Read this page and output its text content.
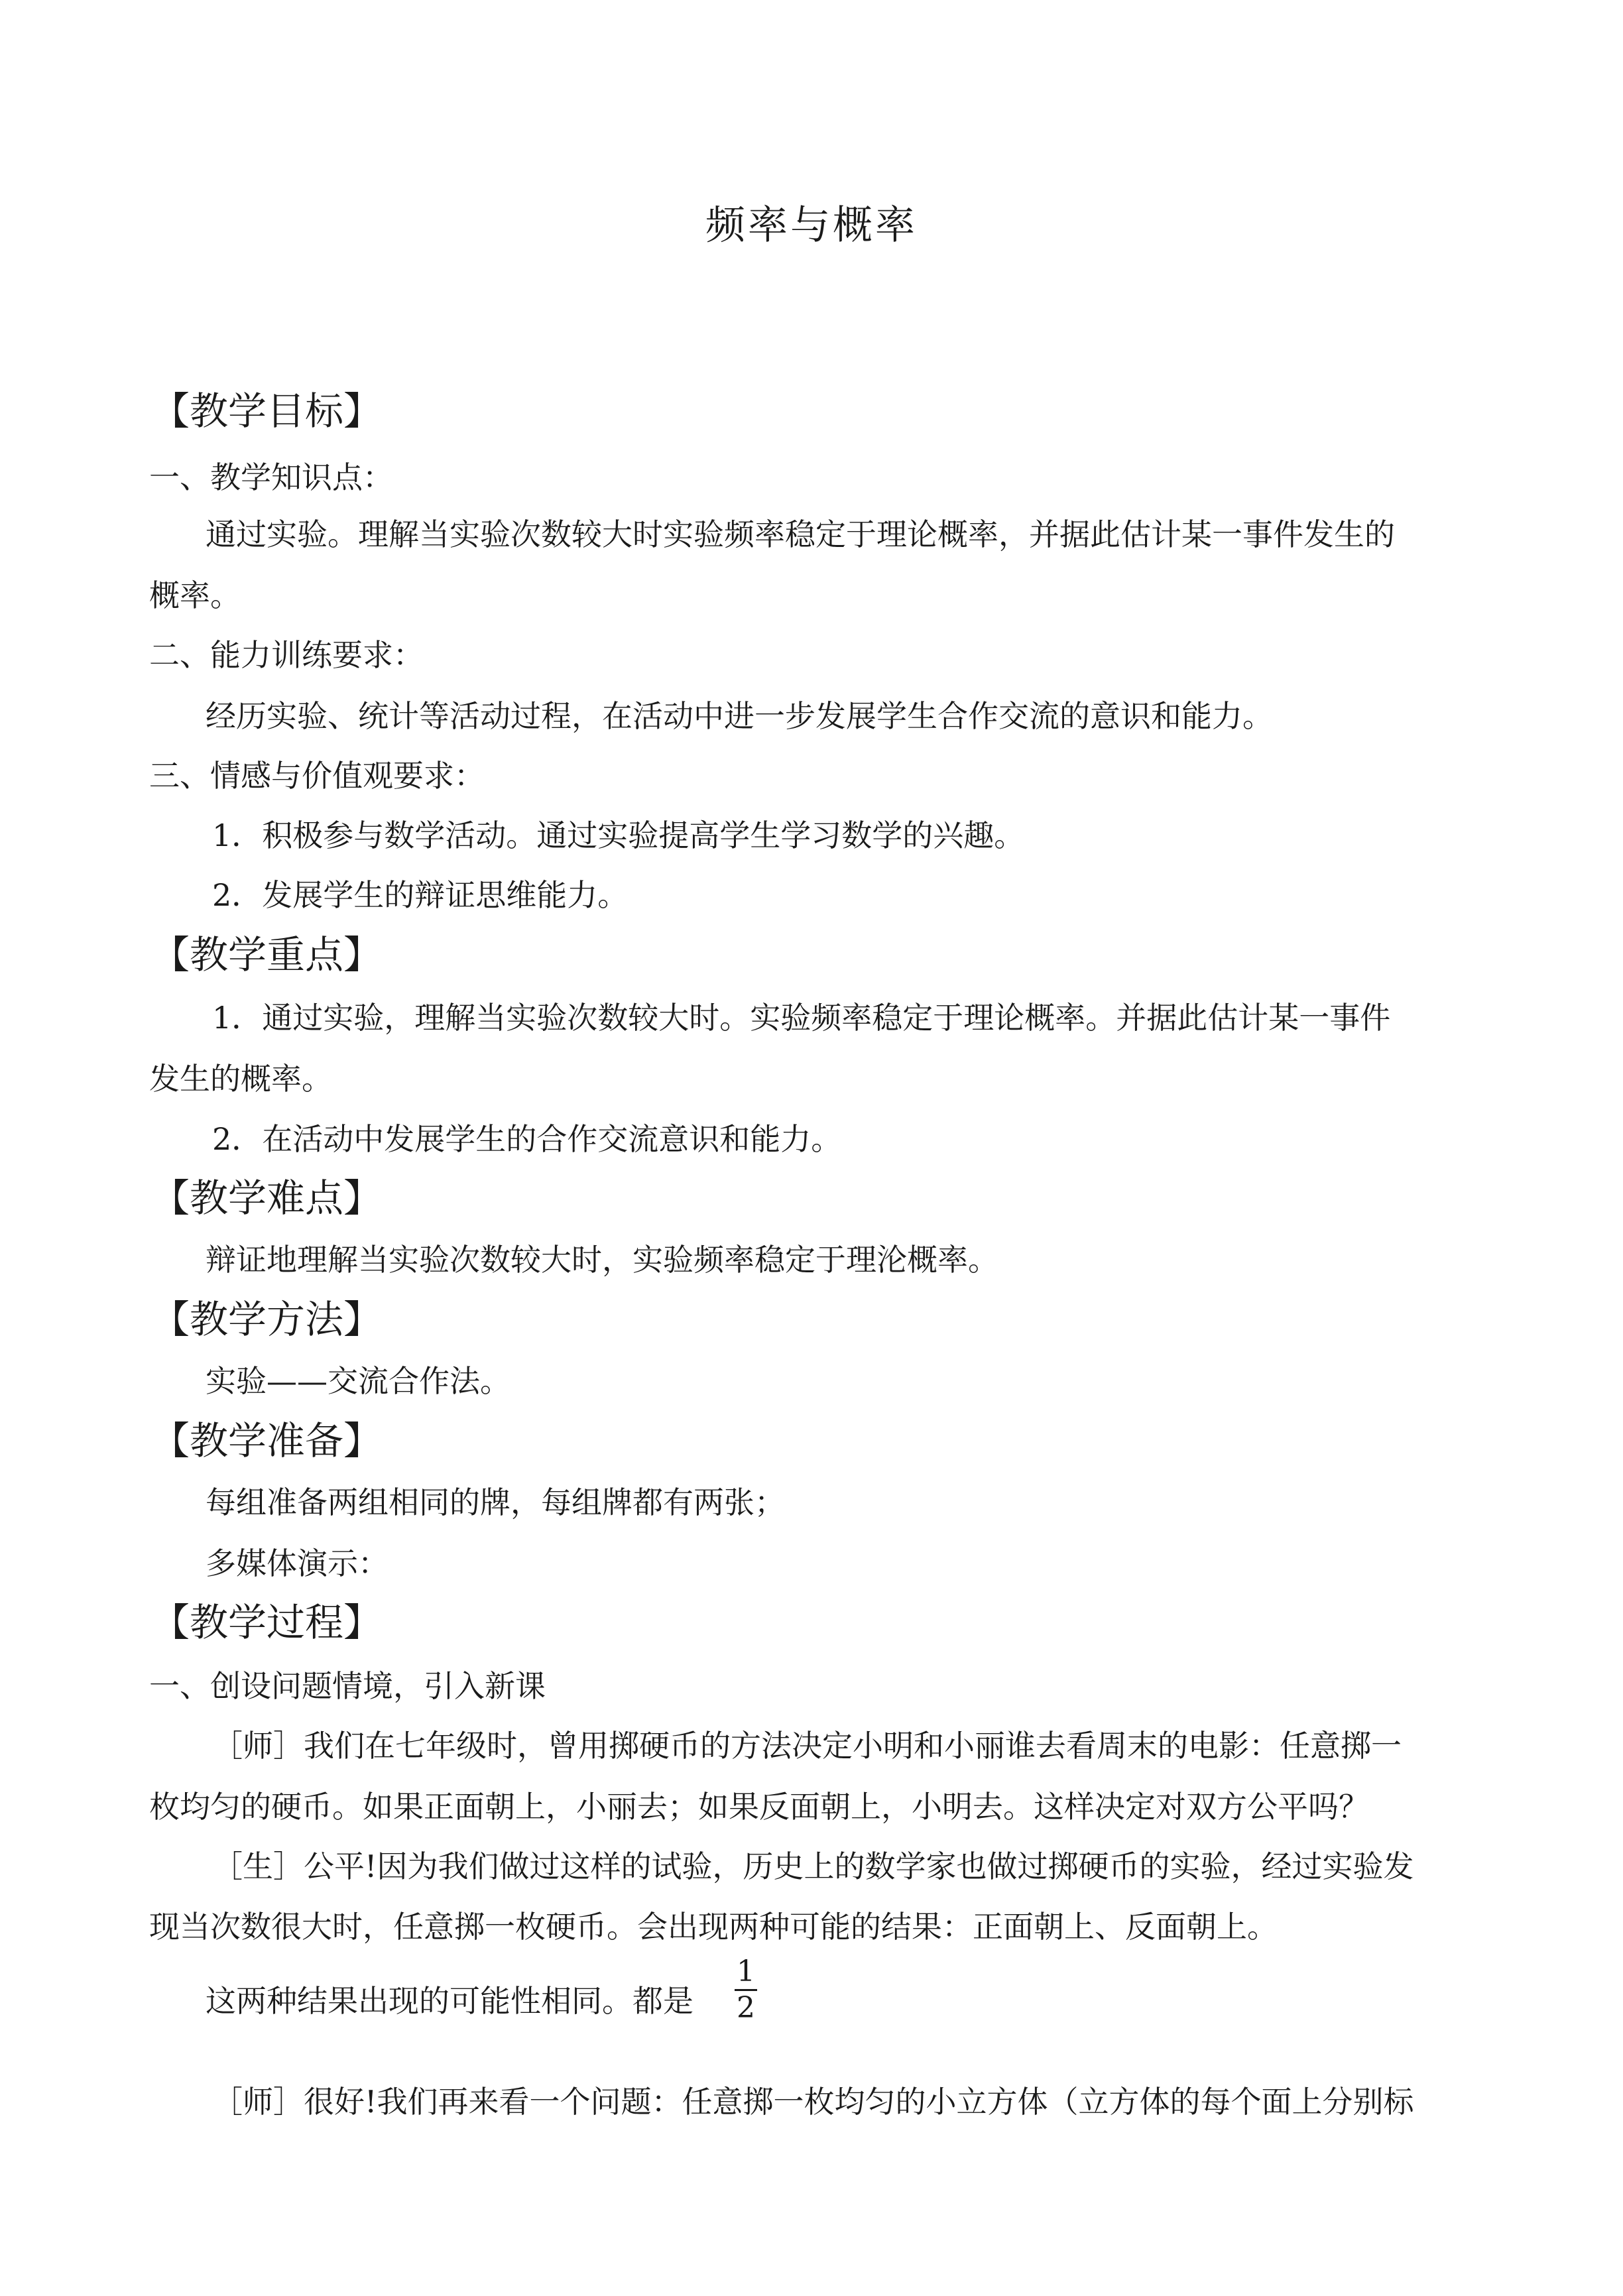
频率与概率
【教学目标】
一、教学知识点：
通过实验。理解当实验次数较大时实验频率稳定于理论概率，并据此估计某一事件发生的
概率。
二、能力训练要求：
经历实验、统计等活动过程，在活动中进一步发展学生合作交流的意识和能力。
三、情感与价值观要求：
1．积极参与数学活动。通过实验提高学生学习数学的兴趣。
2．发展学生的辩证思维能力。
【教学重点】
1．通过实验，理解当实验次数较大时。实验频率稳定于理论概率。并据此估计某一事件
发生的概率。
2．在活动中发展学生的合作交流意识和能力。
【教学难点】
辩证地理解当实验次数较大时，实验频率稳定于理沦概率。
【教学方法】
实验——交流合作法。
【教学准备】
每组准备两组相同的牌，每组牌都有两张；
多媒体演示：
【教学过程】
一、创设问题情境，引入新课
［师］我们在七年级时，曾用掷硬币的方法决定小明和小丽谁去看周末的电影：任意掷一
枚均匀的硬币。如果正面朝上，小丽去；如果反面朝上，小明去。这样决定对双方公平吗？
［生］公平!因为我们做过这样的试验，历史上的数学家也做过掷硬币的实验，经过实验发
现当次数很大时，任意掷一枚硬币。会出现两种可能的结果：正面朝上、反面朝上。
这两种结果出现的可能性相同。都是
1
2
［师］很好!我们再来看一个问题：任意掷一枚均匀的小立方体（立方体的每个面上分别标
